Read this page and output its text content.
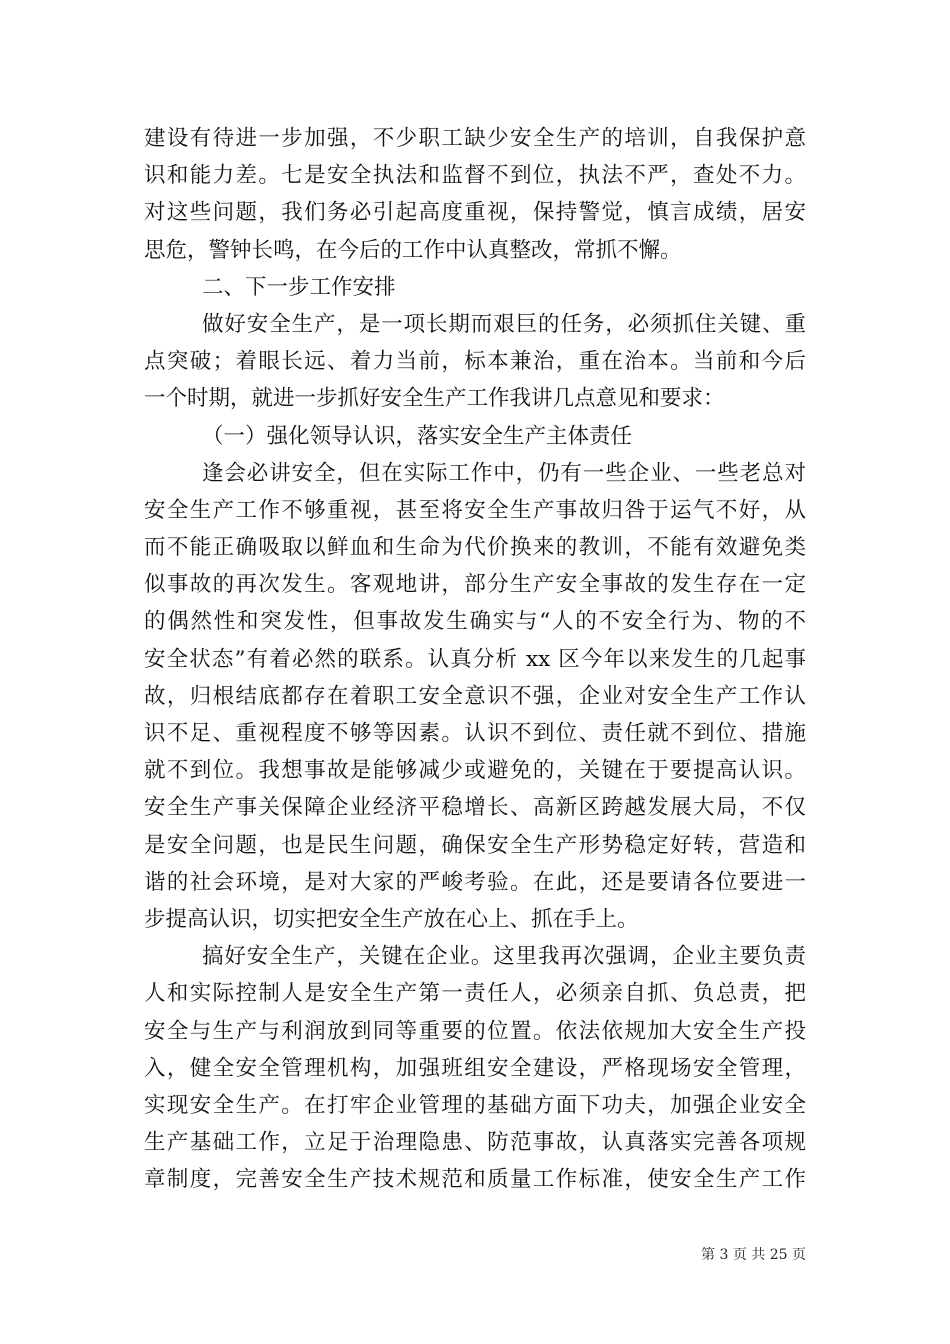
建设有待进一步加强，不少职工缺少安全生产的培训，自我保护意

识和能力差。七是安全执法和监督不到位，执法不严，查处不力。

对这些问题，我们务必引起高度重视，保持警觉，慎言成绩，居安

思危，警钟长鸣，在今后的工作中认真整改，常抓不懈。

二、下一步工作安排

做好安全生产，是一项长期而艰巨的任务，必须抓住关键、重

点突破；着眼长远、着力当前，标本兼治，重在治本。当前和今后

一个时期，就进一步抓好安全生产工作我讲几点意见和要求：

（一）强化领导认识，落实安全生产主体责任

逢会必讲安全，但在实际工作中，仍有一些企业、一些老总对

安全生产工作不够重视，甚至将安全生产事故归咎于运气不好，从

而不能正确吸取以鲜血和生命为代价换来的教训，不能有效避免类

似事故的再次发生。客观地讲，部分生产安全事故的发生存在一定

的偶然性和突发性，但事故发生确实与“人的不安全行为、物的不

安全状态”有着必然的联系。认真分析 xx 区今年以来发生的几起事

故，归根结底都存在着职工安全意识不强，企业对安全生产工作认

识不足、重视程度不够等因素。认识不到位、责任就不到位、措施

就不到位。我想事故是能够减少或避免的，关键在于要提高认识。

安全生产事关保障企业经济平稳增长、高新区跨越发展大局，不仅

是安全问题，也是民生问题，确保安全生产形势稳定好转，营造和

谐的社会环境，是对大家的严峻考验。在此，还是要请各位要进一

步提高认识，切实把安全生产放在心上、抓在手上。

搞好安全生产，关键在企业。这里我再次强调，企业主要负责

人和实际控制人是安全生产第一责任人，必须亲自抓、负总责，把

安全与生产与利润放到同等重要的位置。依法依规加大安全生产投

入，健全安全管理机构，加强班组安全建设，严格现场安全管理，

实现安全生产。在打牢企业管理的基础方面下功夫，加强企业安全

生产基础工作，立足于治理隐患、防范事故，认真落实完善各项规

章制度，完善安全生产技术规范和质量工作标准，使安全生产工作

第 3 页 共 25 页
